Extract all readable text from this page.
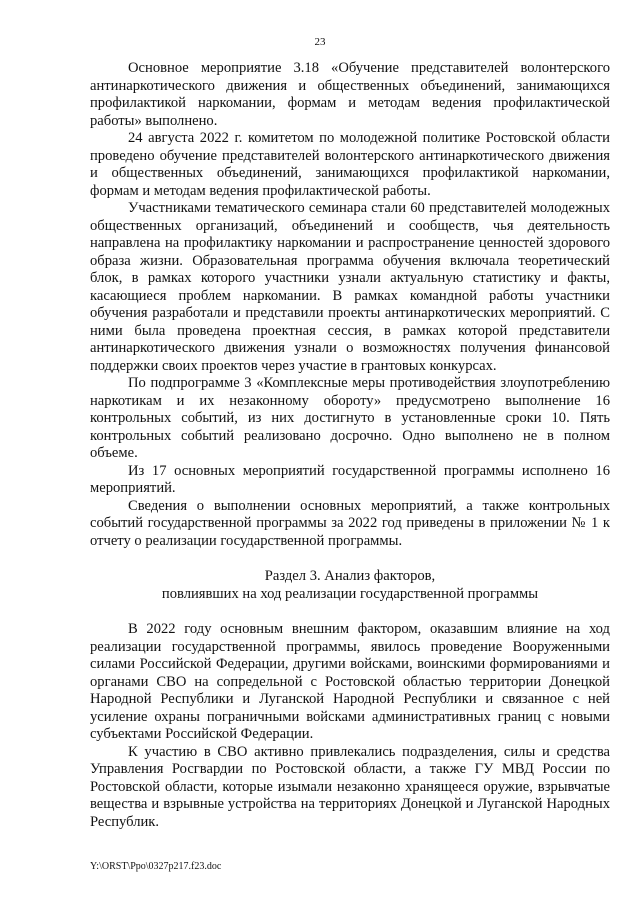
23

Основное мероприятие 3.18 «Обучение представителей волонтерского антинаркотического движения и общественных объединений, занимающихся профилактикой наркомании, формам и методам ведения профилактической работы» выполнено.

24 августа 2022 г. комитетом по молодежной политике Ростовской области проведено обучение представителей волонтерского антинаркотического движения и общественных объединений, занимающихся профилактикой наркомании, формам и методам ведения профилактической работы.

Участниками тематического семинара стали 60 представителей молодежных общественных организаций, объединений и сообществ, чья деятельность направлена на профилактику наркомании и распространение ценностей здорового образа жизни. Образовательная программа обучения включала теоретический блок, в рамках которого участники узнали актуальную статистику и факты, касающиеся проблем наркомании. В рамках командной работы участники обучения разработали и представили проекты антинаркотических мероприятий. С ними была проведена проектная сессия, в рамках которой представители антинаркотического движения узнали о возможностях получения финансовой поддержки своих проектов через участие в грантовых конкурсах.

По подпрограмме 3 «Комплексные меры противодействия злоупотреблению наркотикам и их незаконному обороту» предусмотрено выполнение 16 контрольных событий, из них достигнуто в установленные сроки 10. Пять контрольных событий реализовано досрочно. Одно выполнено не в полном объеме.

Из 17 основных мероприятий государственной программы исполнено 16 мероприятий.

Сведения о выполнении основных мероприятий, а также контрольных событий государственной программы за 2022 год приведены в приложении № 1 к отчету о реализации государственной программы.

Раздел 3. Анализ факторов,
повлиявших на ход реализации государственной программы

В 2022 году основным внешним фактором, оказавшим влияние на ход реализации государственной программы, явилось проведение Вооруженными силами Российской Федерации, другими войсками, воинскими формированиями и органами СВО на сопредельной с Ростовской областью территории Донецкой Народной Республики и Луганской Народной Республики и связанное с ней усиление охраны пограничными войсками административных границ с новыми субъектами Российской Федерации.

К участию в СВО активно привлекались подразделения, силы и средства Управления Росгвардии по Ростовской области, а также ГУ МВД России по Ростовской области, которые изымали незаконно хранящееся оружие, взрывчатые вещества и взрывные устройства на территориях Донецкой и Луганской Народных Республик.

Y:\ORST\Ppo\0327p217.f23.doc
